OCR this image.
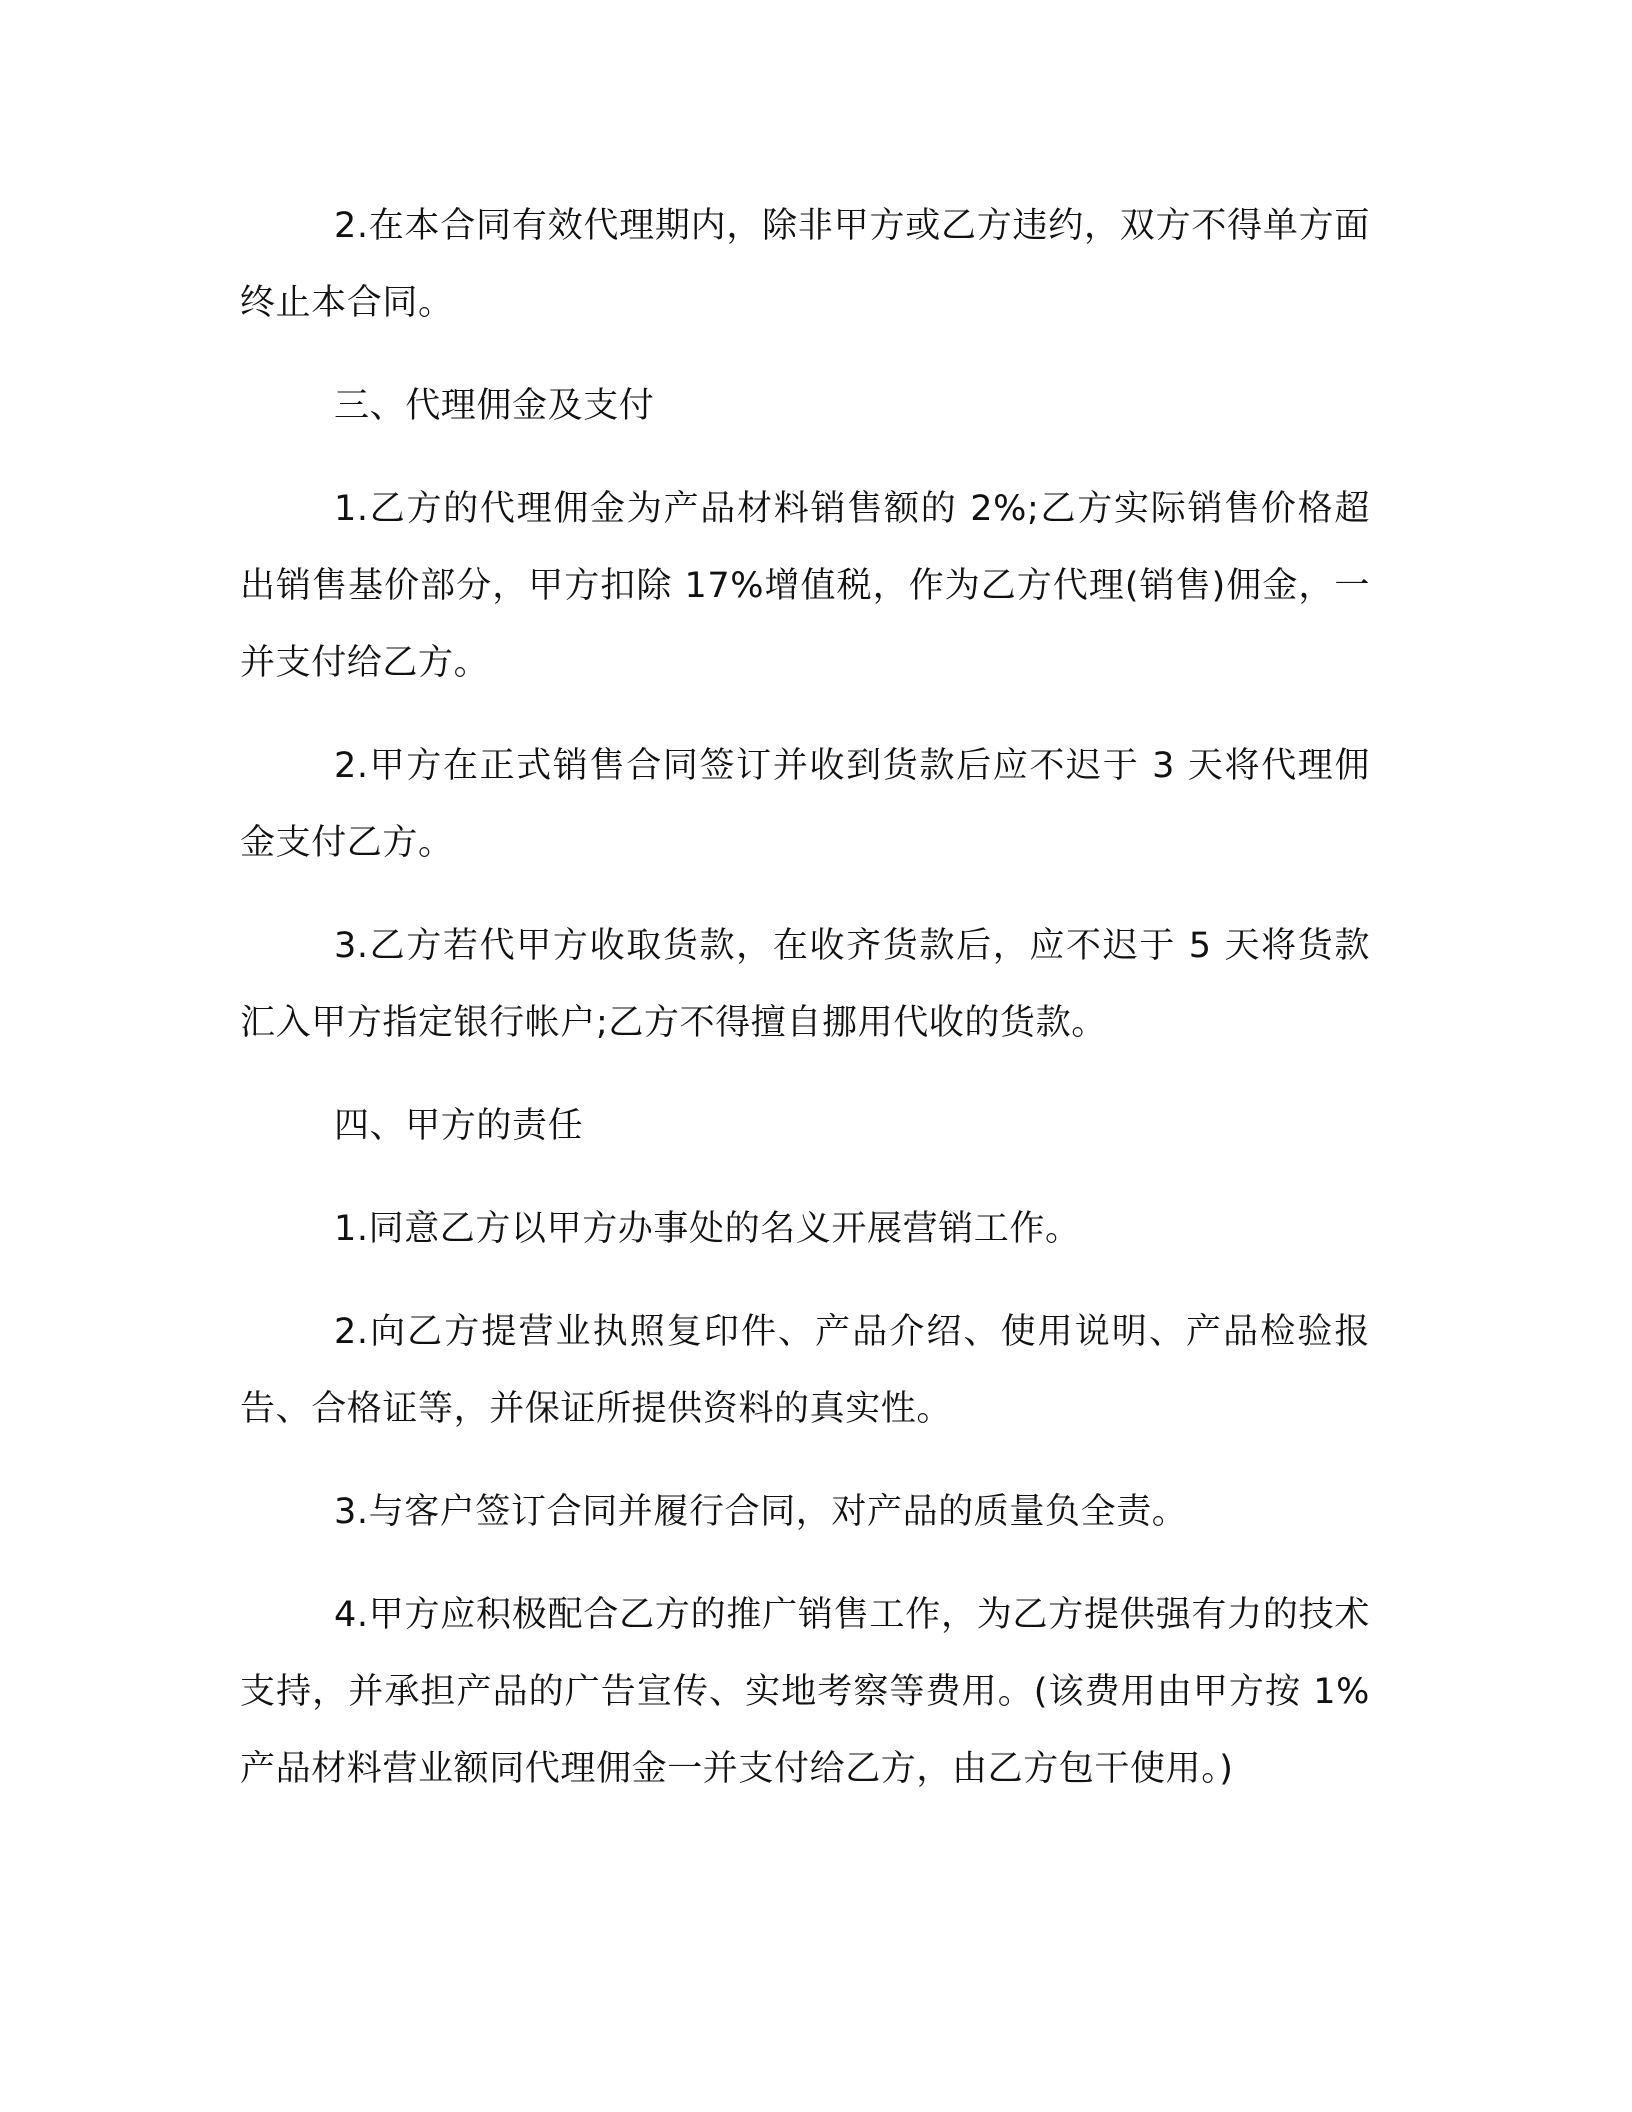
2.在本合同有效代理期内，除非甲方或乙方违约，双方不得单方面终止本合同。

三、代理佣金及支付

1.乙方的代理佣金为产品材料销售额的 2%;乙方实际销售价格超出销售基价部分，甲方扣除 17%增值税，作为乙方代理(销售)佣金，一并支付给乙方。

2.甲方在正式销售合同签订并收到货款后应不迟于 3 天将代理佣金支付乙方。

3.乙方若代甲方收取货款，在收齐货款后，应不迟于 5 天将货款汇入甲方指定银行帐户;乙方不得擅自挪用代收的货款。

四、甲方的责任

1.同意乙方以甲方办事处的名义开展营销工作。

2.向乙方提营业执照复印件、产品介绍、使用说明、产品检验报告、合格证等，并保证所提供资料的真实性。

3.与客户签订合同并履行合同，对产品的质量负全责。

4.甲方应积极配合乙方的推广销售工作，为乙方提供强有力的技术支持，并承担产品的广告宣传、实地考察等费用。(该费用由甲方按 1%产品材料营业额同代理佣金一并支付给乙方，由乙方包干使用。)
